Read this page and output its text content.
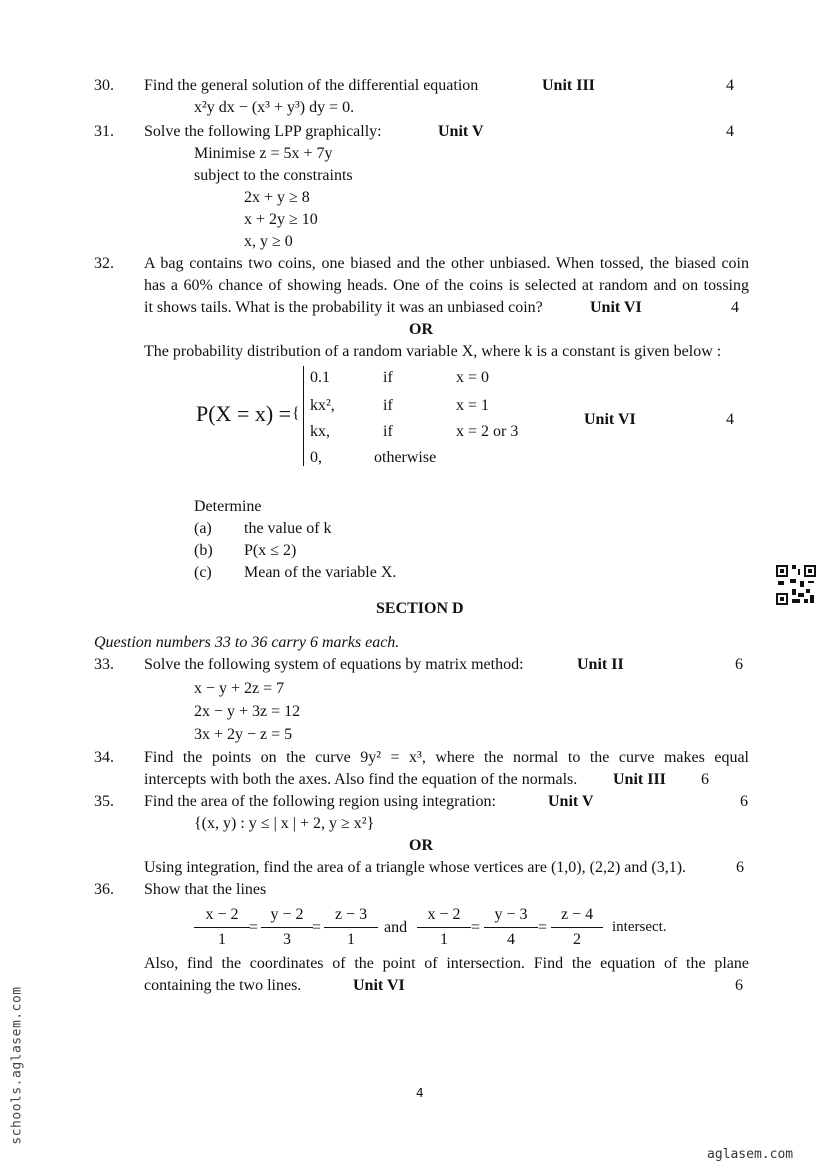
30. Find the general solution of the differential equation	Unit III	4
x²y dx − (x³ + y³) dy = 0.
31. Solve the following LPP graphically:	Unit V	4
Minimise z = 5x + 7y
subject to the constraints
2x + y ≥ 8
x + 2y ≥ 10
x, y ≥ 0
32. A bag contains two coins, one biased and the other unbiased. When tossed, the biased coin
has a 60% chance of showing heads. One of the coins is selected at random and on tossing
it shows tails. What is the probability it was an unbiased coin?	Unit VI	4
OR
The probability distribution of a random variable X, where k is a constant is given below :
P(X = x) = {
0.1	if	x = 0
kx²,	if	x = 1
kx,	if	x = 2 or 3
0,	otherwise
Unit VI	4
Determine
(a) the value of k
(b) P(x ≤ 2)
(c) Mean of the variable X.
SECTION D
Question numbers 33 to 36 carry 6 marks each.
33. Solve the following system of equations by matrix method:	Unit II	6
x − y + 2z = 7
2x − y + 3z = 12
3x + 2y − z = 5
34. Find the points on the curve 9y² = x³, where the normal to the curve makes equal
intercepts with both the axes. Also find the equation of the normals. Unit III 6
35. Find the area of the following region using integration:	Unit V	6
{(x, y) : y ≤ | x | + 2, y ≥ x²}
OR
Using integration, find the area of a triangle whose vertices are (1,0), (2,2) and (3,1).	6
36. Show that the lines
x − 2
1
=
y − 2
3
=
z − 3
1
and
x − 2
1
=
y − 3
4
=
z − 4
2
intersect.
Also, find the coordinates of the point of intersection. Find the equation of the plane
containing the two lines.	Unit VI	6
4
schools.aglasem.com
aglasem.com
